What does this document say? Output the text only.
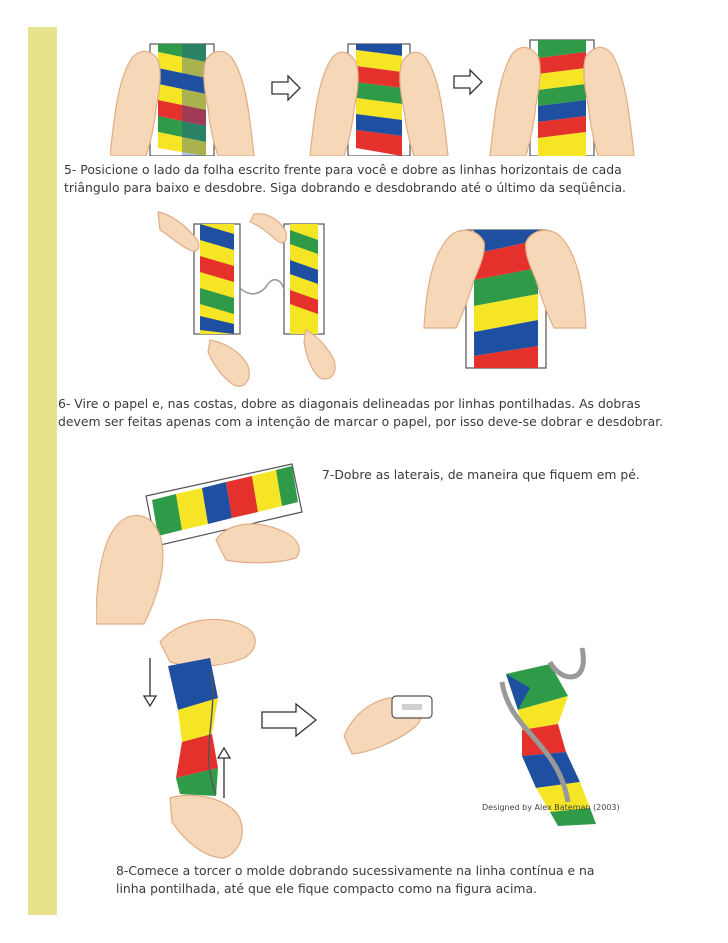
5- Posicione o lado da folha escrito frente para você e dobre as linhas horizontais de cada
triângulo para baixo e desdobre. Siga dobrando e desdobrando até o último da seqüência.
6- Vire o papel e, nas costas, dobre as diagonais delineadas por linhas pontilhadas. As dobras
devem ser feitas apenas com a intenção de marcar o papel, por isso deve-se dobrar e desdobrar.
7-Dobre as laterais, de maneira que fiquem em pé.
Designed by Alex Bateman (2003)
8-Comece a torcer o molde dobrando sucessivamente na linha contínua e na
linha pontilhada, até que ele fique compacto como na figura acima.
